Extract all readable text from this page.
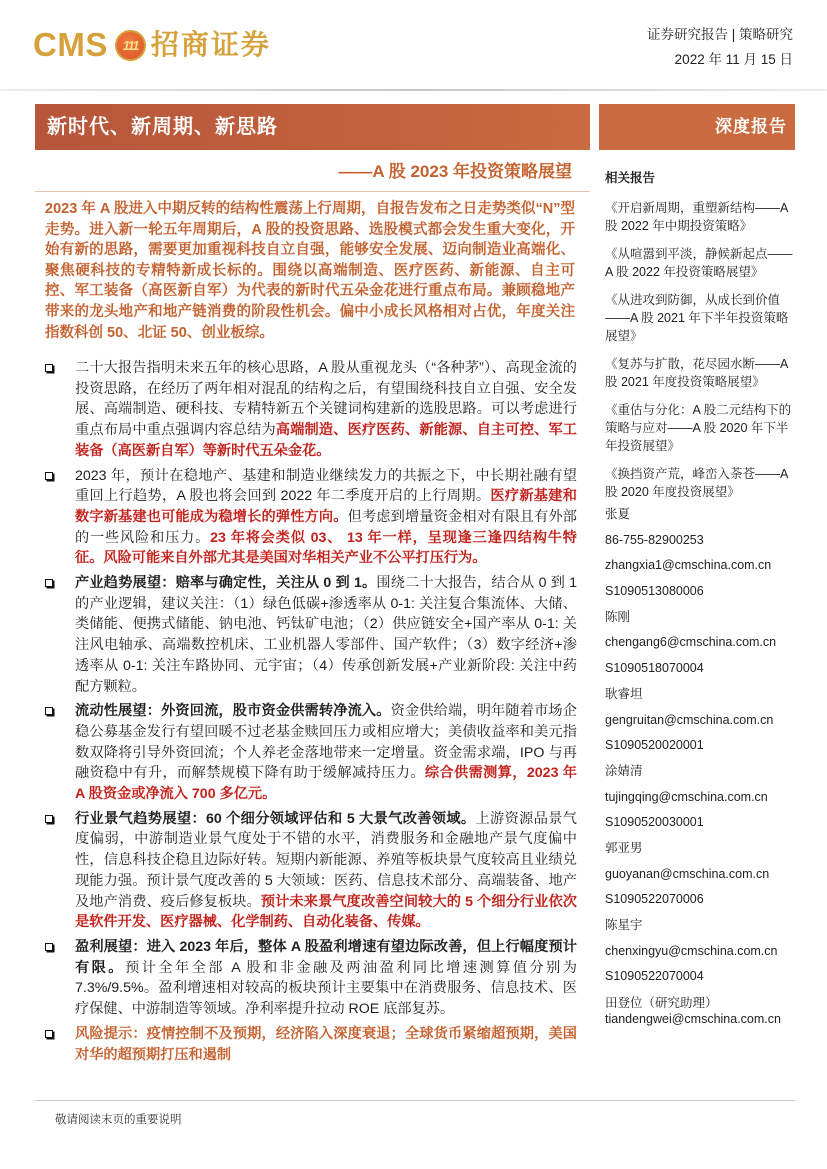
CMS 111 招商证券	证券研究报告 | 策略研究
2022 年 11 月 15 日
新时代、新周期、新思路	深度报告
——A 股 2023 年投资策略展望
2023 年 A 股进入中期反转的结构性震荡上行周期，自报告发布之日走势类似“N”型走势。进入新一轮五年周期后，A 股的投资思路、选股模式都会发生重大变化，开始有新的思路，需要更加重视科技自立自强，能够安全发展、迈向制造业高端化、聚焦硬科技的专精特新成长标的。围绕以高端制造、医疗医药、新能源、自主可控、军工装备（高医新自军）为代表的新时代五朵金花进行重点布局。兼顾稳地产带来的龙头地产和地产链消费的阶段性机会。偏中小成长风格相对占优，年度关注指数科创 50、北证 50、创业板综。
二十大报告指明未来五年的核心思路，A 股从重视龙头（“各种茅”）、高现金流的投资思路，在经历了两年相对混乱的结构之后，有望围绕科技自立自强、安全发展、高端制造、硬科技、专精特新五个关键词构建新的选股思路。可以考虑进行重点布局中重点强调内容总结为高端制造、医疗医药、新能源、自主可控、军工装备（高医新自军）等新时代五朵金花。
2023 年，预计在稳地产、基建和制造业继续发力的共振之下，中长期社融有望重回上行趋势，A 股也将会回到 2022 年二季度开启的上行周期。医疗新基建和数字新基建也可能成为稳增长的弹性方向。但考虑到增量资金相对有限且有外部的一些风险和压力。23 年将会类似 03、 13 年一样，呈现逢三逢四结构牛特征。风险可能来自外部尤其是美国对华相关产业不公平打压行为。
产业趋势展望：赔率与确定性，关注从 0 到 1。围绕二十大报告，结合从 0 到 1 的产业逻辑，建议关注：（1）绿色低碳+渗透率从 0-1: 关注复合集流体、大储、类储能、便携式储能、钠电池、钙钛矿电池；（2）供应链安全+国产率从 0-1: 关注风电轴承、高端数控机床、工业机器人零部件、国产软件；（3）数字经济+渗透率从 0-1: 关注车路协同、元宇宙；（4）传承创新发展+产业新阶段: 关注中药配方颗粒。
流动性展望：外资回流，股市资金供需转净流入。资金供给端，明年随着市场企稳公募基金发行有望回暖不过老基金赎回压力或相应增大；美债收益率和美元指数双降将引导外资回流；个人养老金落地带来一定增量。资金需求端，IPO 与再融资稳中有升，而解禁规模下降有助于缓解减持压力。综合供需测算，2023 年 A 股资金或净流入 700 多亿元。
行业景气趋势展望：60 个细分领域评估和 5 大景气改善领域。上游资源品景气度偏弱，中游制造业景气度处于不错的水平，消费服务和金融地产景气度偏中性，信息科技企稳且边际好转。短期内新能源、养殖等板块景气度较高且业绩兑现能力强。预计景气度改善的 5 大领域：医药、信息技术部分、高端装备、地产及地产消费、疫后修复板块。预计未来景气度改善空间较大的 5 个细分行业依次是软件开发、医疗器械、化学制药、自动化装备、传媒。
盈利展望：进入 2023 年后，整体 A 股盈利增速有望边际改善，但上行幅度预计有限。预计全年全部 A 股和非金融及两油盈利同比增速测算值分别为 7.3%/9.5%。盈利增速相对较高的板块预计主要集中在消费服务、信息技术、医疗保健、中游制造等领域。净利率提升拉动 ROE 底部复苏。
风险提示：疫情控制不及预期，经济陷入深度衰退；全球货币紧缩超预期，美国对华的超预期打压和遏制
相关报告
《开启新周期，重塑新结构——A 股 2022 年中期投资策略》
《从喧嚣到平淡，静候新起点——A 股 2022 年投资策略展望》
《从进攻到防御，从成长到价值——A 股 2021 年下半年投资策略展望》
《复苏与扩散，花尽园水断——A 股 2021 年度投资策略展望》
《重估与分化：A 股二元结构下的策略与应对——A 股 2020 年下半年投资展望》
《换挡资产荒，峰峦入荼苍——A 股 2020 年度投资展望》
张夏
86-755-82900253
zhangxia1@cmschina.com.cn
S1090513080006
陈刚
chengang6@cmschina.com.cn
S1090518070004
耿睿坦
gengruitan@cmschina.com.cn
S1090520020001
涂婧清
tujingqing@cmschina.com.cn
S1090520030001
郭亚男
guoyanan@cmschina.com.cn
S1090522070006
陈星宇
chenxingyu@cmschina.com.cn
S1090522070004
田登位（研究助理）
tiandengwei@cmschina.com.cn
敬请阅读末页的重要说明
